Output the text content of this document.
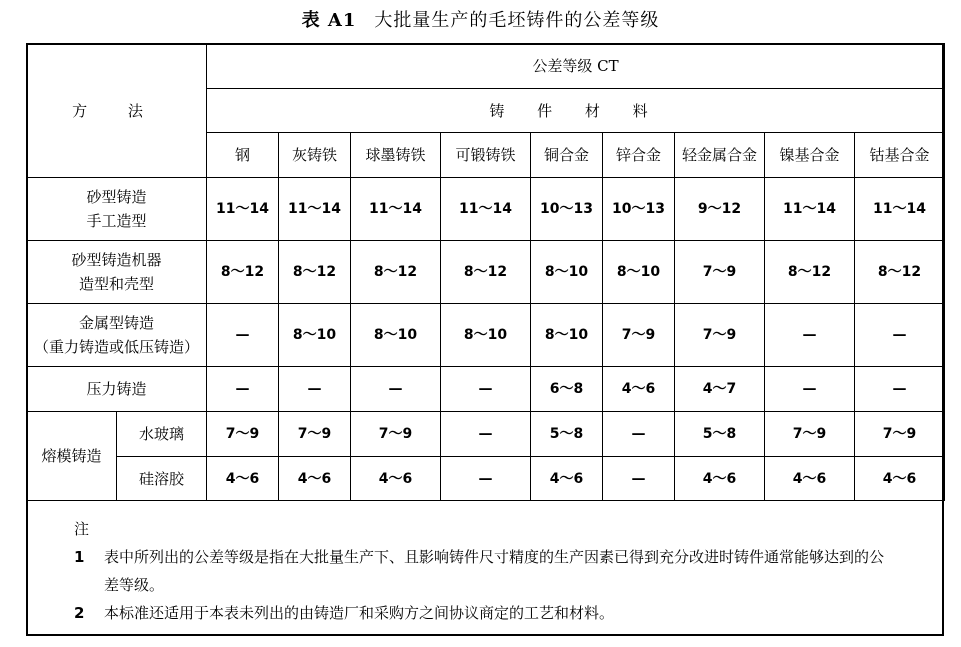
表 A1 大批量生产的毛坯铸件的公差等级
方 法		公差等级 CT								
		铸 件 材 料								
		钢	灰铸铁	球墨铸铁	可锻铸铁	铜合金	锌合金	轻金属合金	镍基合金	钴基合金

砂型铸造
手工造型		11～14	11～14	11～14	11～14	10～13	10～13	9～12	11～14	11～14

砂型铸造机器
造型和壳型		8～12	8～12	8～12	8～12	8～10	8～10	7～9	8～12	8～12

金属型铸造
（重力铸造或低压铸造）		—	8～10	8～10	8～10	8～10	7～9	7～9	—	—
压力铸造		—	—	—	—	6～8	4～6	4～7	—	—
熔模铸造	水玻璃	7～9	7～9	7～9	—	5～8	—	5～8	7～9	7～9
	硅溶胶	4～6	4～6	4～6	—	4～6	—	4～6	4～6	4～6
注
1	表中所列出的公差等级是指在大批量生产下、且影响铸件尺寸精度的生产因素已得到充分改进时铸件通常能够达到的公差等级。
2	本标准还适用于本表未列出的由铸造厂和采购方之间协议商定的工艺和材料。
